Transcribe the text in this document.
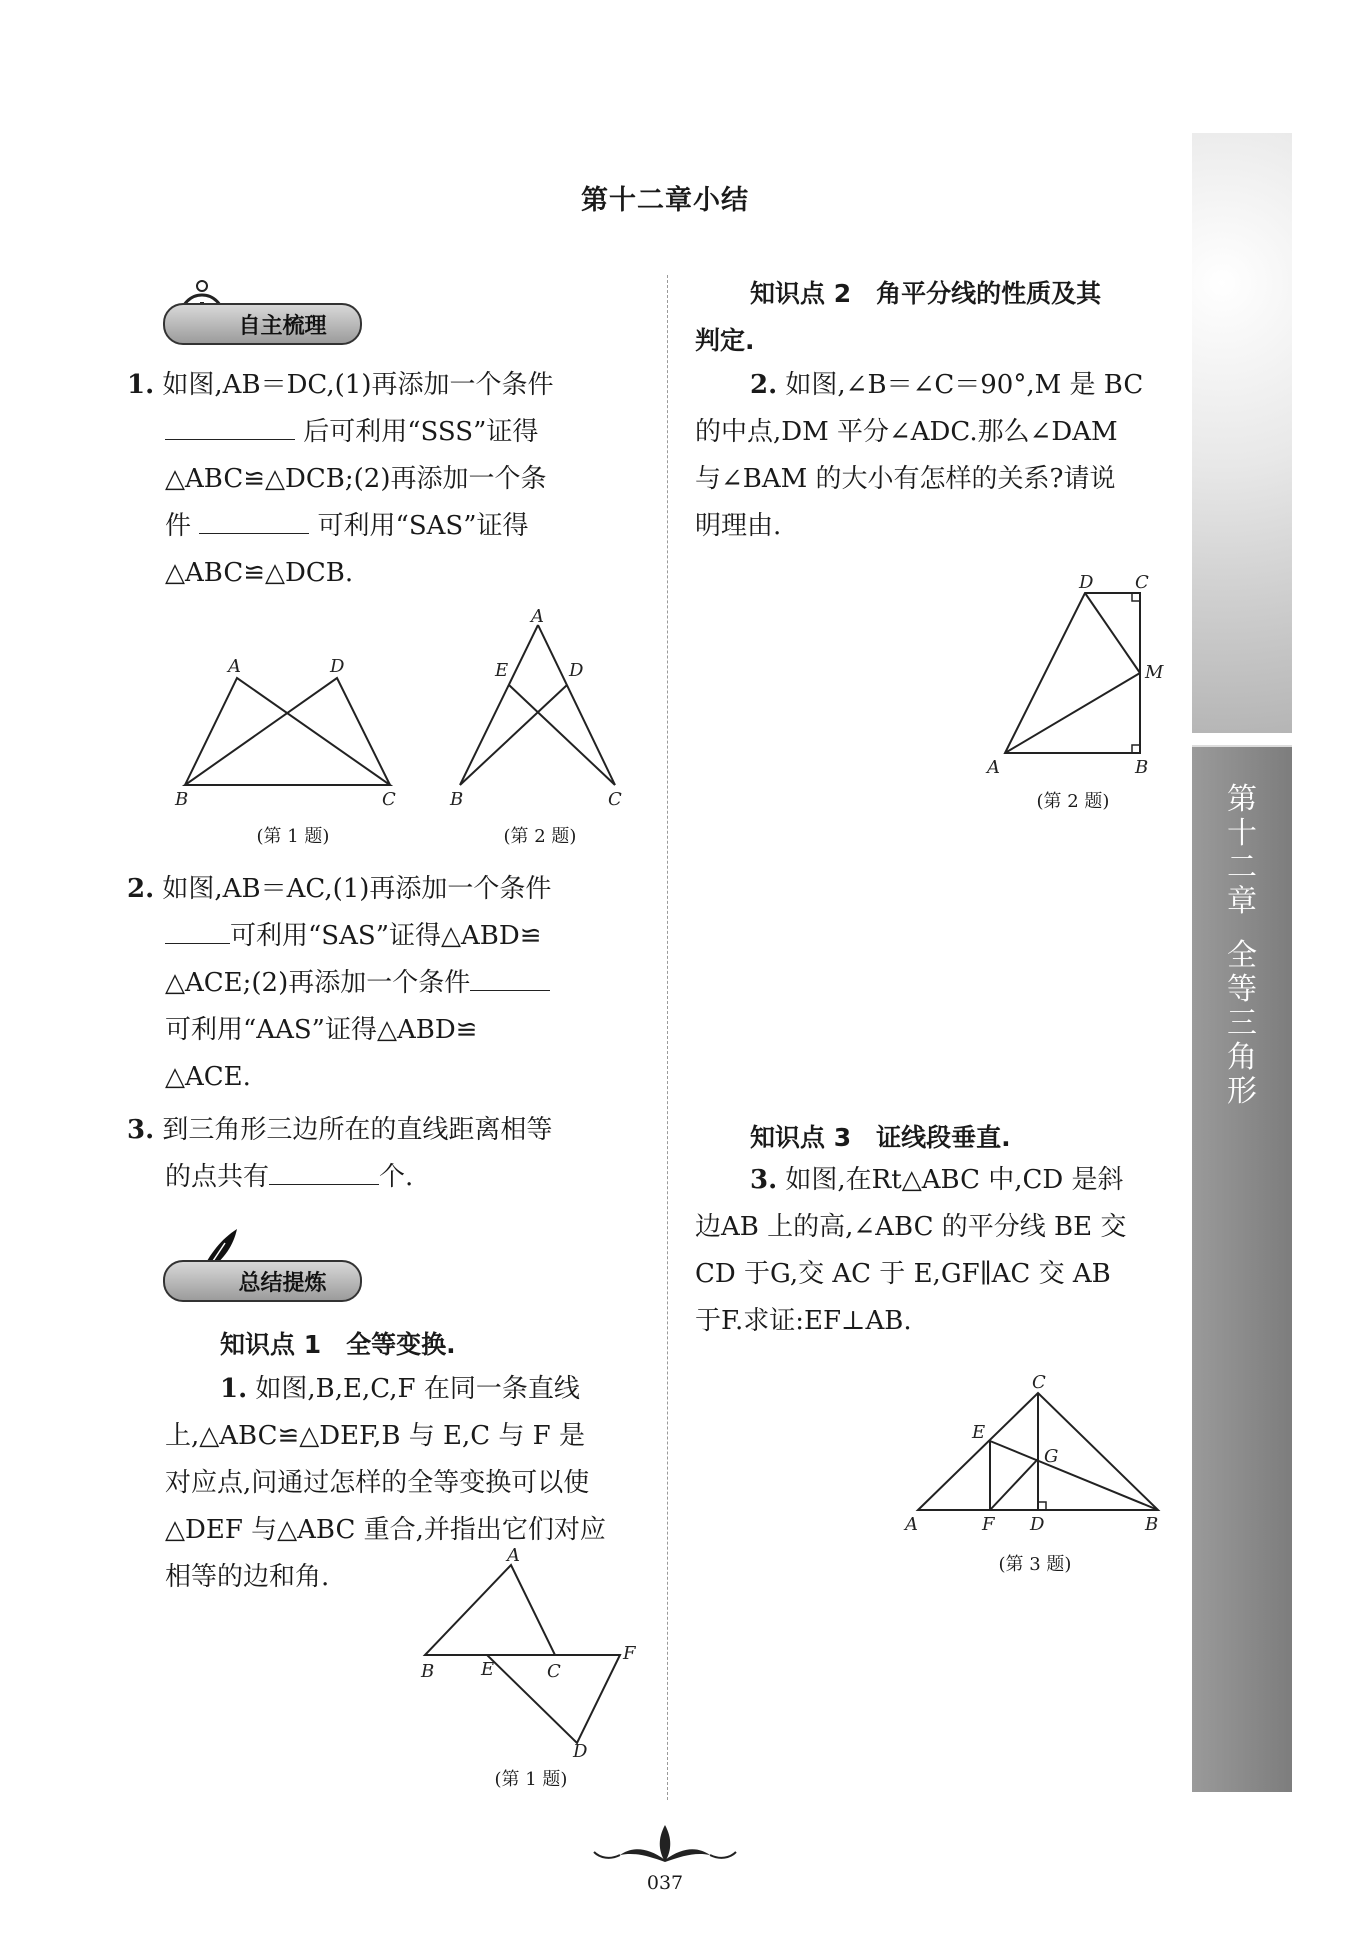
第十二章小结
自主梳理
1. 如图,AB＝DC,(1)再添加一个条件
后可利用“SSS”证得
△ABC≌△DCB;(2)再添加一个条
件	可利用“SAS”证得
△ABC≌△DCB.
A	D
B	C
(第 1 题)
A
E	D
B	C
(第 2 题)
2. 如图,AB＝AC,(1)再添加一个条件
可利用“SAS”证得△ABD≌
△ACE;(2)再添加一个条件
可利用“AAS”证得△ABD≌
△ACE.
3. 到三角形三边所在的直线距离相等
的点共有	个.
总结提炼
知识点 1　全等变换.
1. 如图,B,E,C,F 在同一条直线
上,△ABC≌△DEF,B 与 E,C 与 F 是
对应点,问通过怎样的全等变换可以使
△DEF 与△ABC 重合,并指出它们对应
相等的边和角.
A
B	E	C
F
D
(第 1 题)
知识点 2　角平分线的性质及其
判定.
2. 如图,∠B＝∠C＝90°,M 是 BC
的中点,DM 平分∠ADC.那么∠DAM
与∠BAM 的大小有怎样的关系?请说
明理由.
D C
M
A	B
(第 2 题)
知识点 3　证线段垂直.
3. 如图,在Rt△ABC 中,CD 是斜
边AB 上的高,∠ABC 的平分线 BE 交
CD 于G,交 AC 于 E,GF∥AC 交 AB
于F.求证:EF⊥AB.
C
E
G
A	F D	B
(第 3 题)
第
十
二
章
全
等
三
角
形
037
